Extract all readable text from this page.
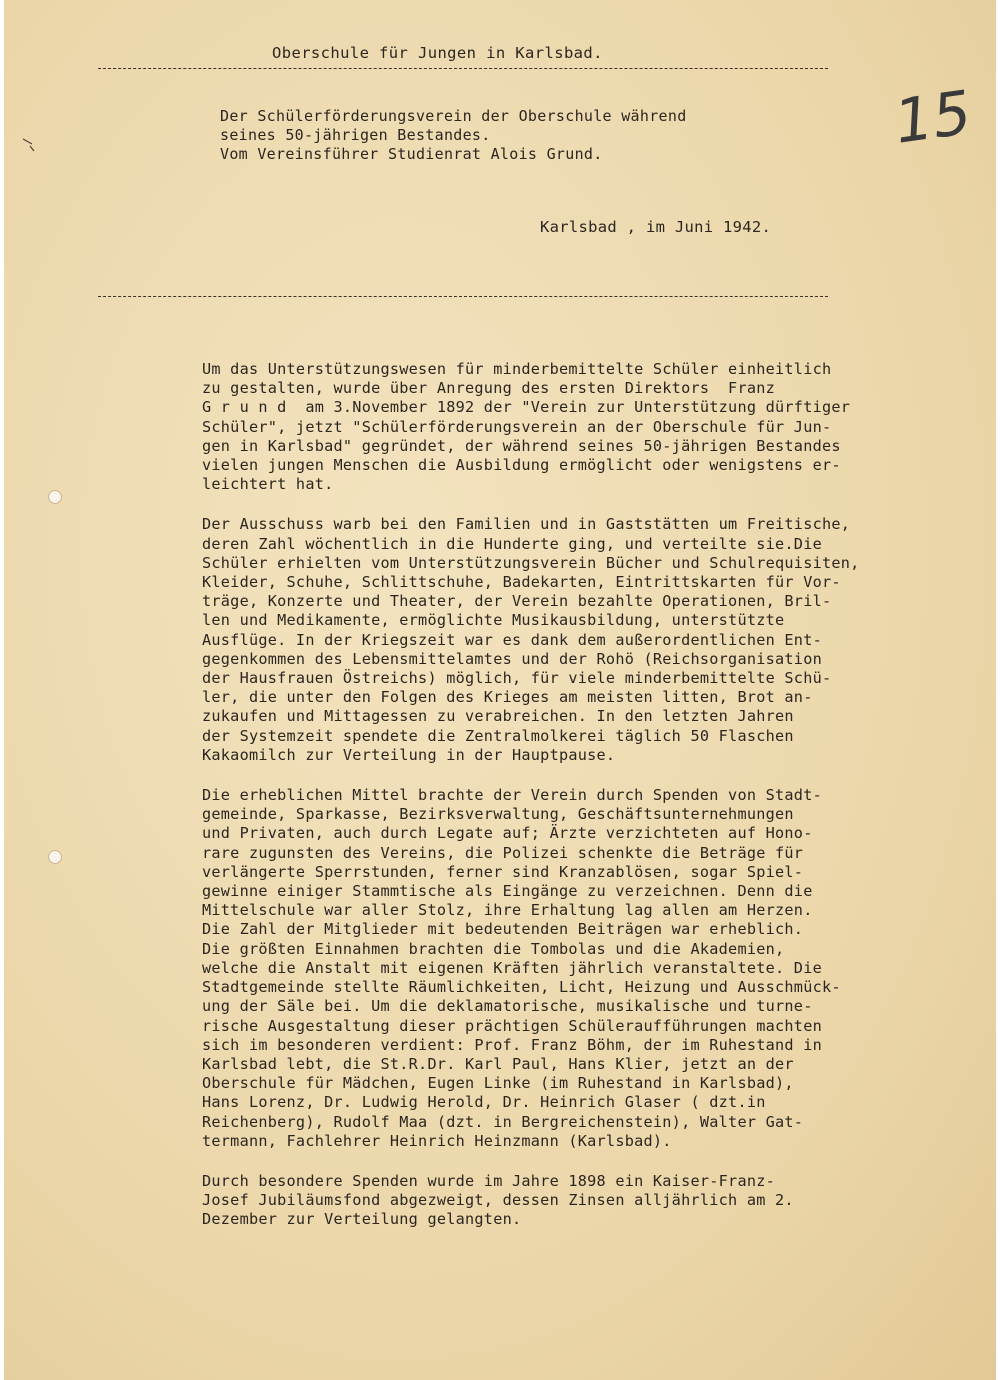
Oberschule für Jungen in Karlsbad.
Der Schülerförderungsverein der Oberschule während
seines 50-jährigen Bestandes.
Vom Vereinsführer Studienrat Alois Grund.
Karlsbad , im Juni 1942.
15
Um das Unterstützungswesen für minderbemittelte Schüler einheitlich
zu gestalten, wurde über Anregung des ersten Direktors  Franz
G r u n d  am 3.November 1892 der "Verein zur Unterstützung dürftiger
Schüler", jetzt "Schülerförderungsverein an der Oberschule für Jun-
gen in Karlsbad" gegründet, der während seines 50-jährigen Bestandes
vielen jungen Menschen die Ausbildung ermöglicht oder wenigstens er-
leichtert hat.
Der Ausschuss warb bei den Familien und in Gaststätten um Freitische,
deren Zahl wöchentlich in die Hunderte ging, und verteilte sie.Die
Schüler erhielten vom Unterstützungsverein Bücher und Schulrequisiten,
Kleider, Schuhe, Schlittschuhe, Badekarten, Eintrittskarten für Vor-
träge, Konzerte und Theater, der Verein bezahlte Operationen, Bril-
len und Medikamente, ermöglichte Musikausbildung, unterstützte
Ausflüge. In der Kriegszeit war es dank dem außerordentlichen Ent-
gegenkommen des Lebensmittelamtes und der Rohö (Reichsorganisation
der Hausfrauen Östreichs) möglich, für viele minderbemittelte Schü-
ler, die unter den Folgen des Krieges am meisten litten, Brot an-
zukaufen und Mittagessen zu verabreichen. In den letzten Jahren
der Systemzeit spendete die Zentralmolkerei täglich 50 Flaschen
Kakaomilch zur Verteilung in der Hauptpause.
Die erheblichen Mittel brachte der Verein durch Spenden von Stadt-
gemeinde, Sparkasse, Bezirksverwaltung, Geschäftsunternehmungen
und Privaten, auch durch Legate auf; Ärzte verzichteten auf Hono-
rare zugunsten des Vereins, die Polizei schenkte die Beträge für
verlängerte Sperrstunden, ferner sind Kranzablösen, sogar Spiel-
gewinne einiger Stammtische als Eingänge zu verzeichnen. Denn die
Mittelschule war aller Stolz, ihre Erhaltung lag allen am Herzen.
Die Zahl der Mitglieder mit bedeutenden Beiträgen war erheblich.
Die größten Einnahmen brachten die Tombolas und die Akademien,
welche die Anstalt mit eigenen Kräften jährlich veranstaltete. Die
Stadtgemeinde stellte Räumlichkeiten, Licht, Heizung und Ausschmück-
ung der Säle bei. Um die deklamatorische, musikalische und turne-
rische Ausgestaltung dieser prächtigen Schüleraufführungen machten
sich im besonderen verdient: Prof. Franz Böhm, der im Ruhestand in
Karlsbad lebt, die St.R.Dr. Karl Paul, Hans Klier, jetzt an der
Oberschule für Mädchen, Eugen Linke (im Ruhestand in Karlsbad),
Hans Lorenz, Dr. Ludwig Herold, Dr. Heinrich Glaser ( dzt.in
Reichenberg), Rudolf Maa (dzt. in Bergreichenstein), Walter Gat-
termann, Fachlehrer Heinrich Heinzmann (Karlsbad).
Durch besondere Spenden wurde im Jahre 1898 ein Kaiser-Franz-
Josef Jubiläumsfond abgezweigt, dessen Zinsen alljährlich am 2.
Dezember zur Verteilung gelangten.
